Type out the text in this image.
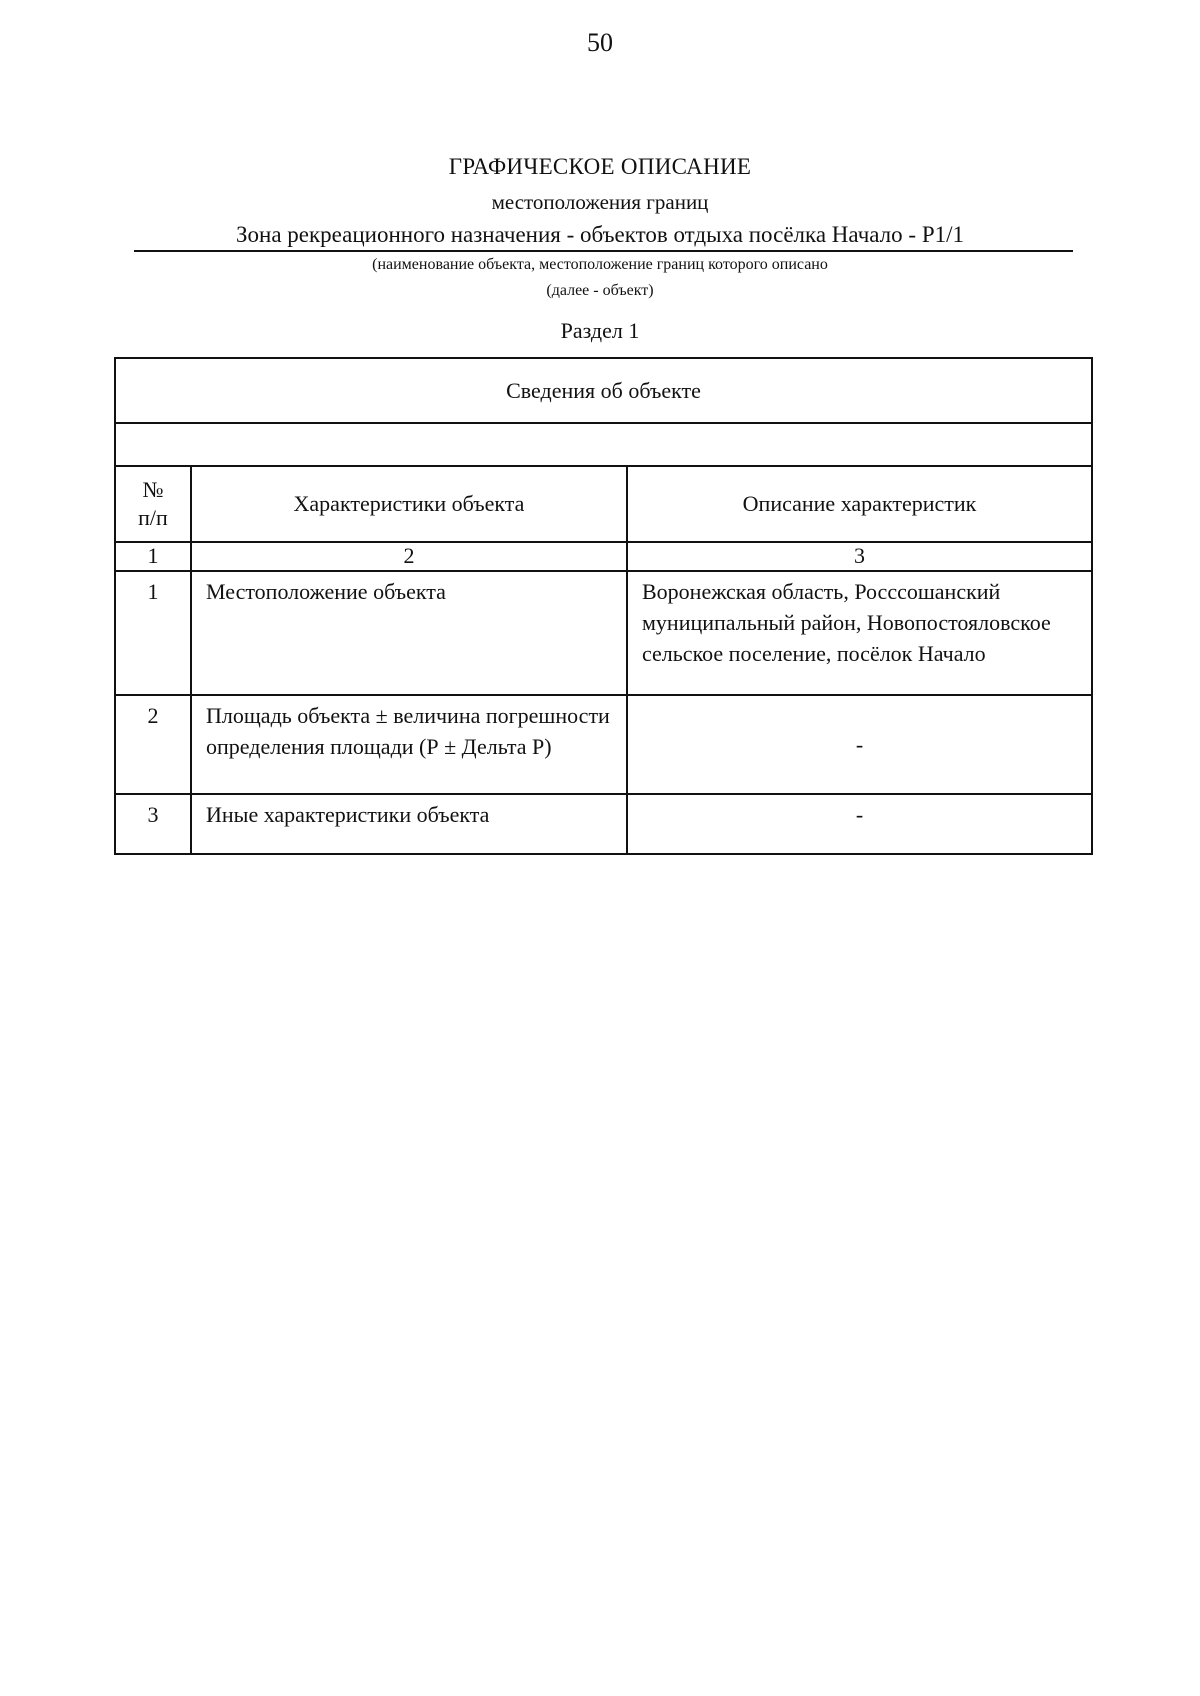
50
ГРАФИЧЕСКОЕ ОПИСАНИЕ
местоположения границ
Зона рекреационного назначения - объектов отдыха посёлка Начало - Р1/1
(наименование объекта, местоположение границ которого описано
(далее - объект)
Раздел 1
Сведения об объекте		

№
п/п	Характеристики объекта	Описание характеристик
1	2	3
1	Местоположение объекта	Воронежская область, Росссошанский муниципальный район, Новопостояловское сельское поселение, посёлок Начало
2	Площадь объекта ± величина погрешности определения площади (Р ± Дельта Р)	-
3	Иные характеристики объекта	-
